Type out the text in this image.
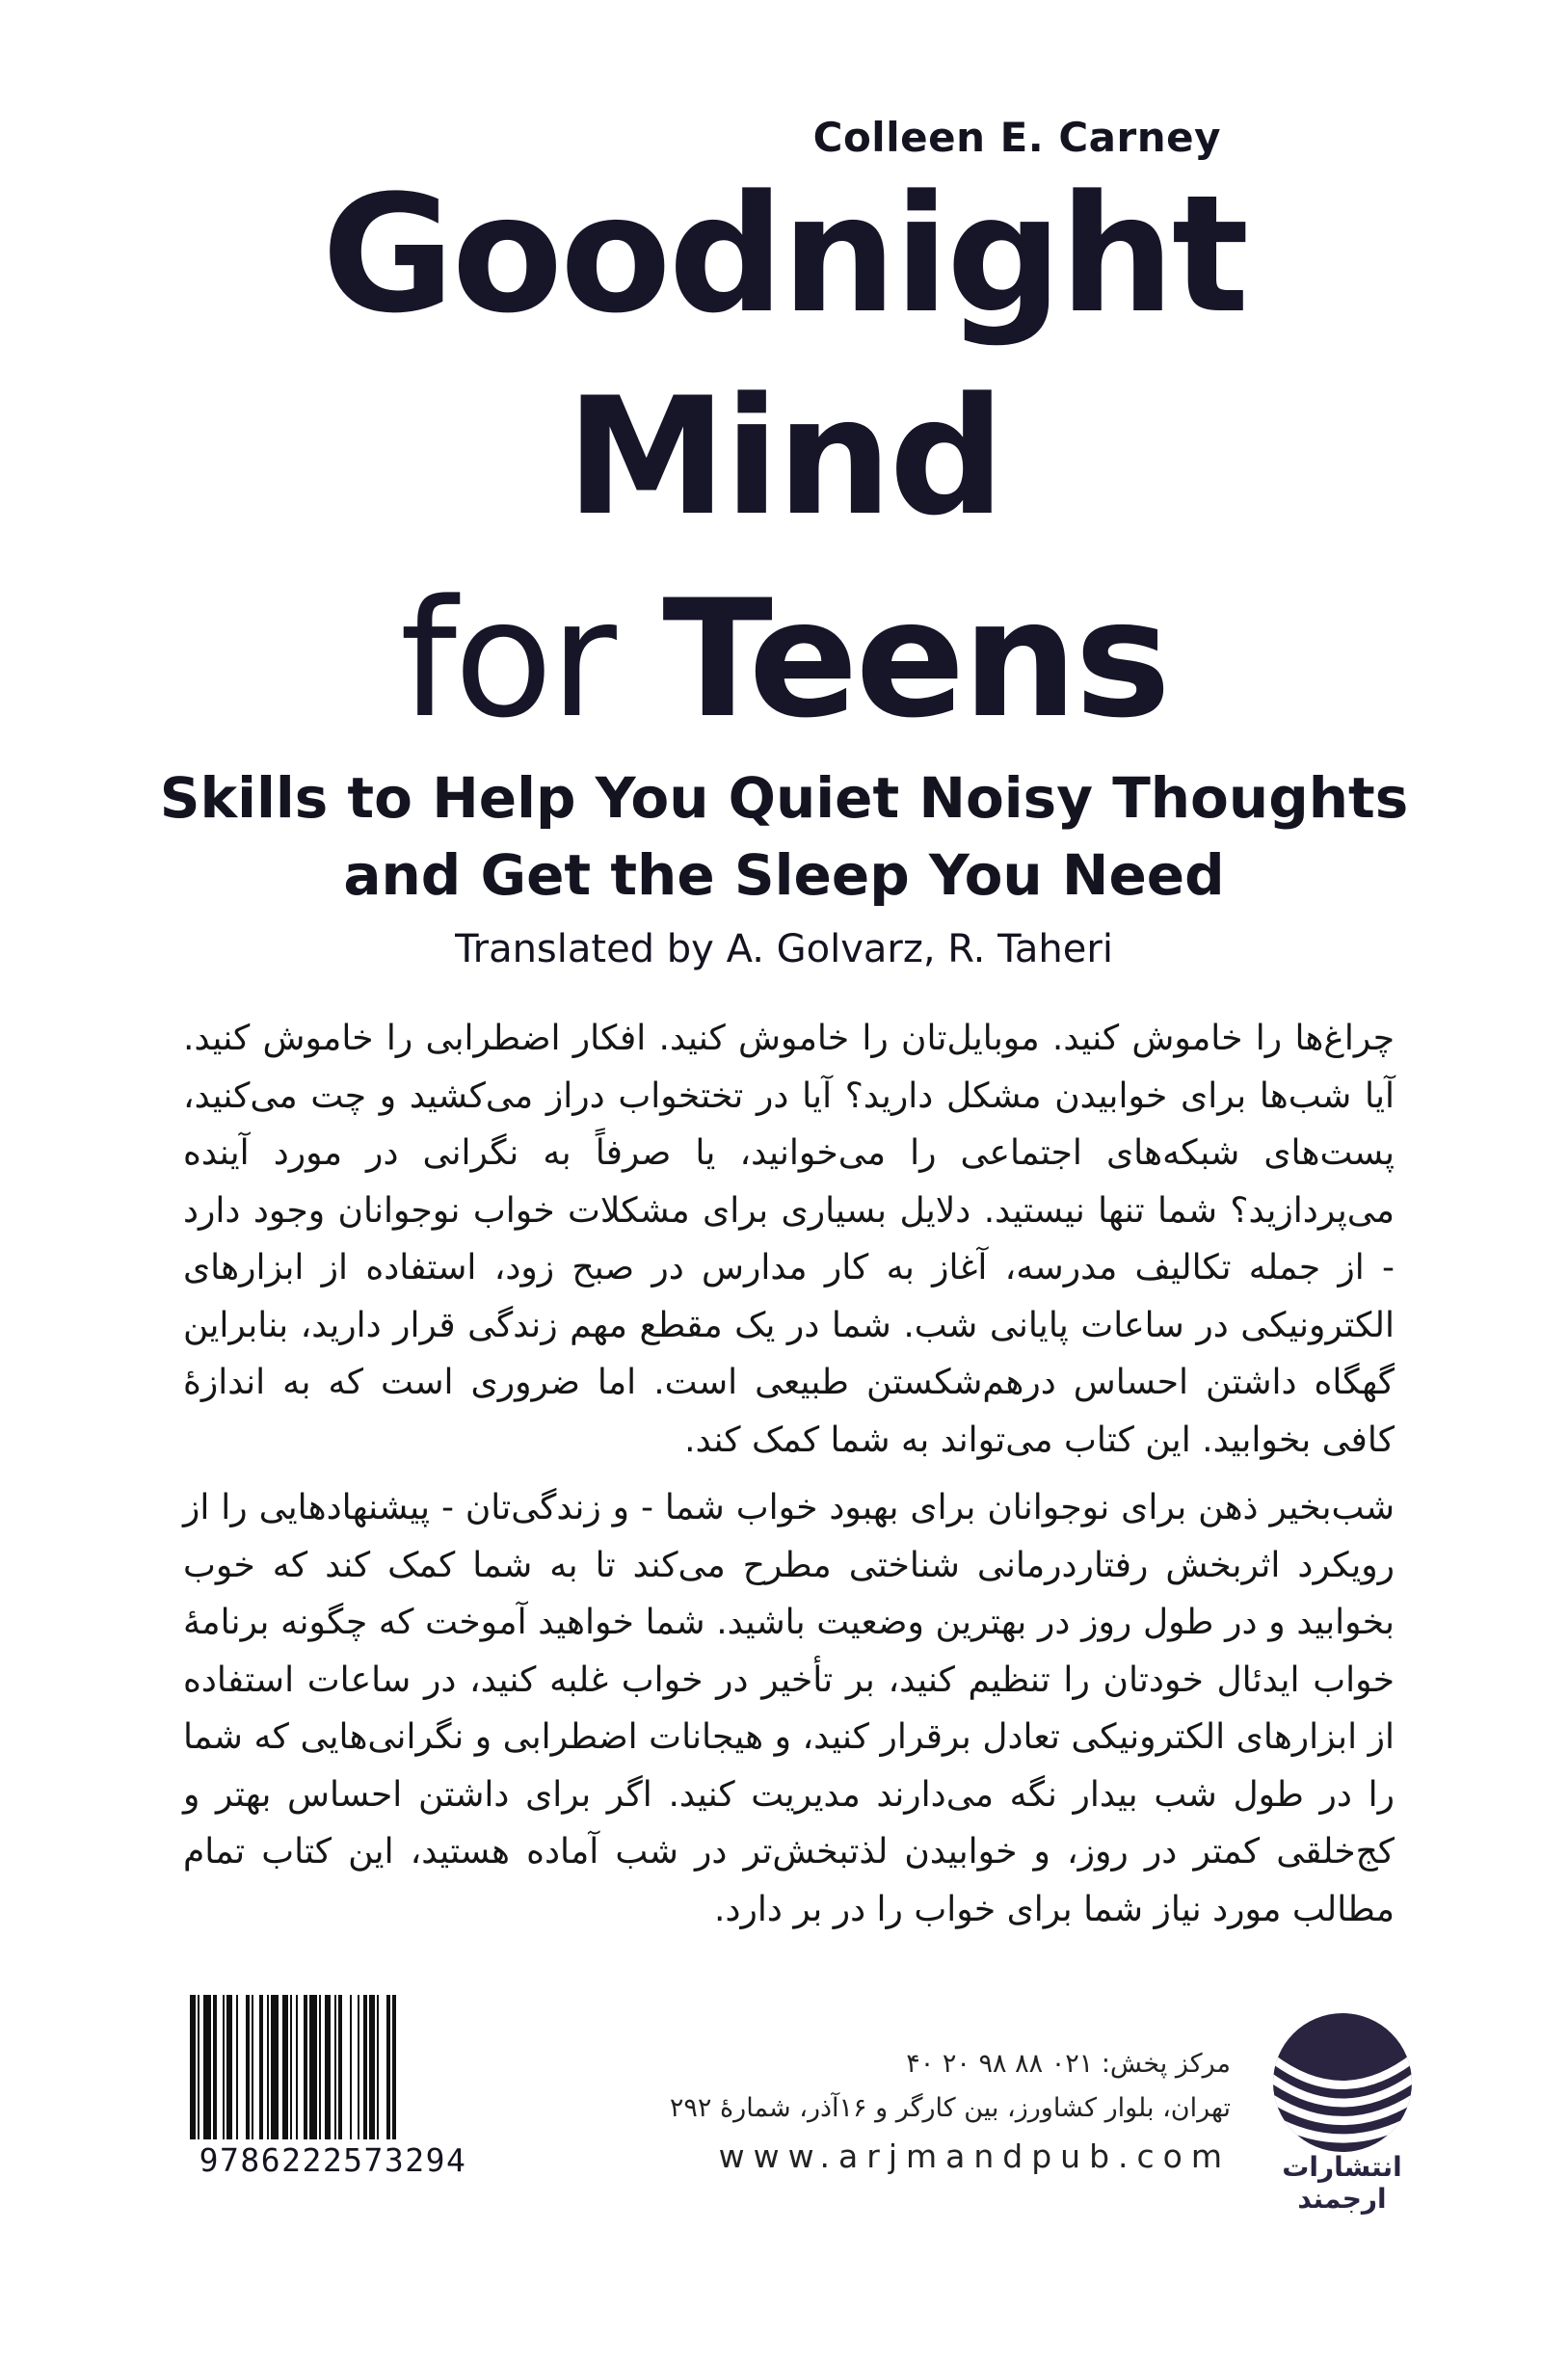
Colleen E. Carney
Goodnight
Mind
for Teens
Skills to Help You Quiet Noisy Thoughts
and Get the Sleep You Need
Translated by A. Golvarz, R. Taheri
چراغ‌ها را خاموش کنید. موبایل‌تان را خاموش کنید. افکار اضطرابی را خاموش کنید. آیا شب‌ها برای خوابیدن مشکل دارید؟ آیا در تختخواب دراز می‌کشید و چت می‌کنید، پست‌های شبکه‌های اجتماعی را می‌خوانید، یا صرفاً به نگرانی در مورد آینده می‌پردازید؟ شما تنها نیستید. دلایل بسیاری برای مشکلات خواب نوجوانان وجود دارد - از جمله تکالیف مدرسه، آغاز به کار مدارس در صبح زود، استفاده از ابزارهای الکترونیکی در ساعات پایانی شب. شما در یک مقطع مهم زندگی قرار دارید، بنابراین گهگاه داشتن احساس درهم‌شکستن طبیعی است. اما ضروری است که به اندازهٔ کافی بخوابید. این کتاب می‌تواند به شما کمک کند.
شب‌بخیر ذهن برای نوجوانان برای بهبود خواب شما - و زندگی‌تان - پیشنهادهایی را از رویکرد اثربخش رفتاردرمانی شناختی مطرح می‌کند تا به شما کمک کند که خوب بخوابید و در طول روز در بهترین وضعیت باشید. شما خواهید آموخت که چگونه برنامهٔ خواب ایدئال خودتان را تنظیم کنید، بر تأخیر در خواب غلبه کنید، در ساعات استفاده از ابزارهای الکترونیکی تعادل برقرار کنید، و هیجانات اضطرابی و نگرانی‌هایی که شما را در طول شب بیدار نگه می‌دارند مدیریت کنید. اگر برای داشتن احساس بهتر و کج‌خلقی کمتر در روز، و خوابیدن لذتبخش‌تر در شب آماده هستید، این کتاب تمام مطالب مورد نیاز شما برای خواب را در بر دارد.
9786222573294
مرکز پخش: ۰۲۱ ۸۸ ۹۸ ۲۰ ۴۰
تهران، بلوار کشاورز، بین کارگر و ۱۶آذر، شمارهٔ ۲۹۲
www.arjmandpub.com	انتشارات ارجمند
